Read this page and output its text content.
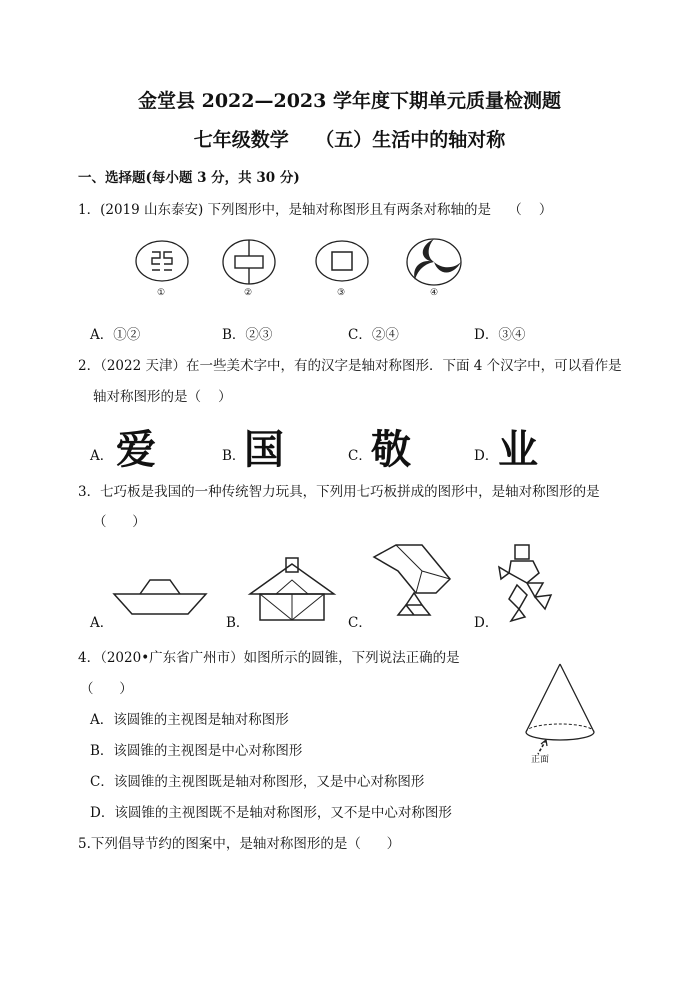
金堂县 2022—2023 学年度下期单元质量检测题
七年级数学    （五）生活中的轴对称
一、选择题(每小题 3 分，共 30 分)
1．(2019 山东泰安) 下列图形中，是轴对称图形且有两条对称轴的是    （    ）
①	②	③	④
A．①②	B．②③	C．②④	D．③④
2．（2022 天津）在一些美术字中，有的汉字是轴对称图形．下面 4 个汉字中，可以看作是
轴对称图形的是（    ）
A． 爱	B．
国	C． 敬	D． 业
3．七巧板是我国的一种传统智力玩具，下列用七巧板拼成的图形中，是轴对称图形的是
（      ）
A．	B．	C．	D．
4．（2020•广东省广州市）如图所示的圆锥，下列说法正确的是
（      ）
A．该圆锥的主视图是轴对称图形
B．该圆锥的主视图是中心对称图形
C．该圆锥的主视图既是轴对称图形，又是中心对称图形
D．该圆锥的主视图既不是轴对称图形，又不是中心对称图形
正面
5.下列倡导节约的图案中，是轴对称图形的是（      ）
